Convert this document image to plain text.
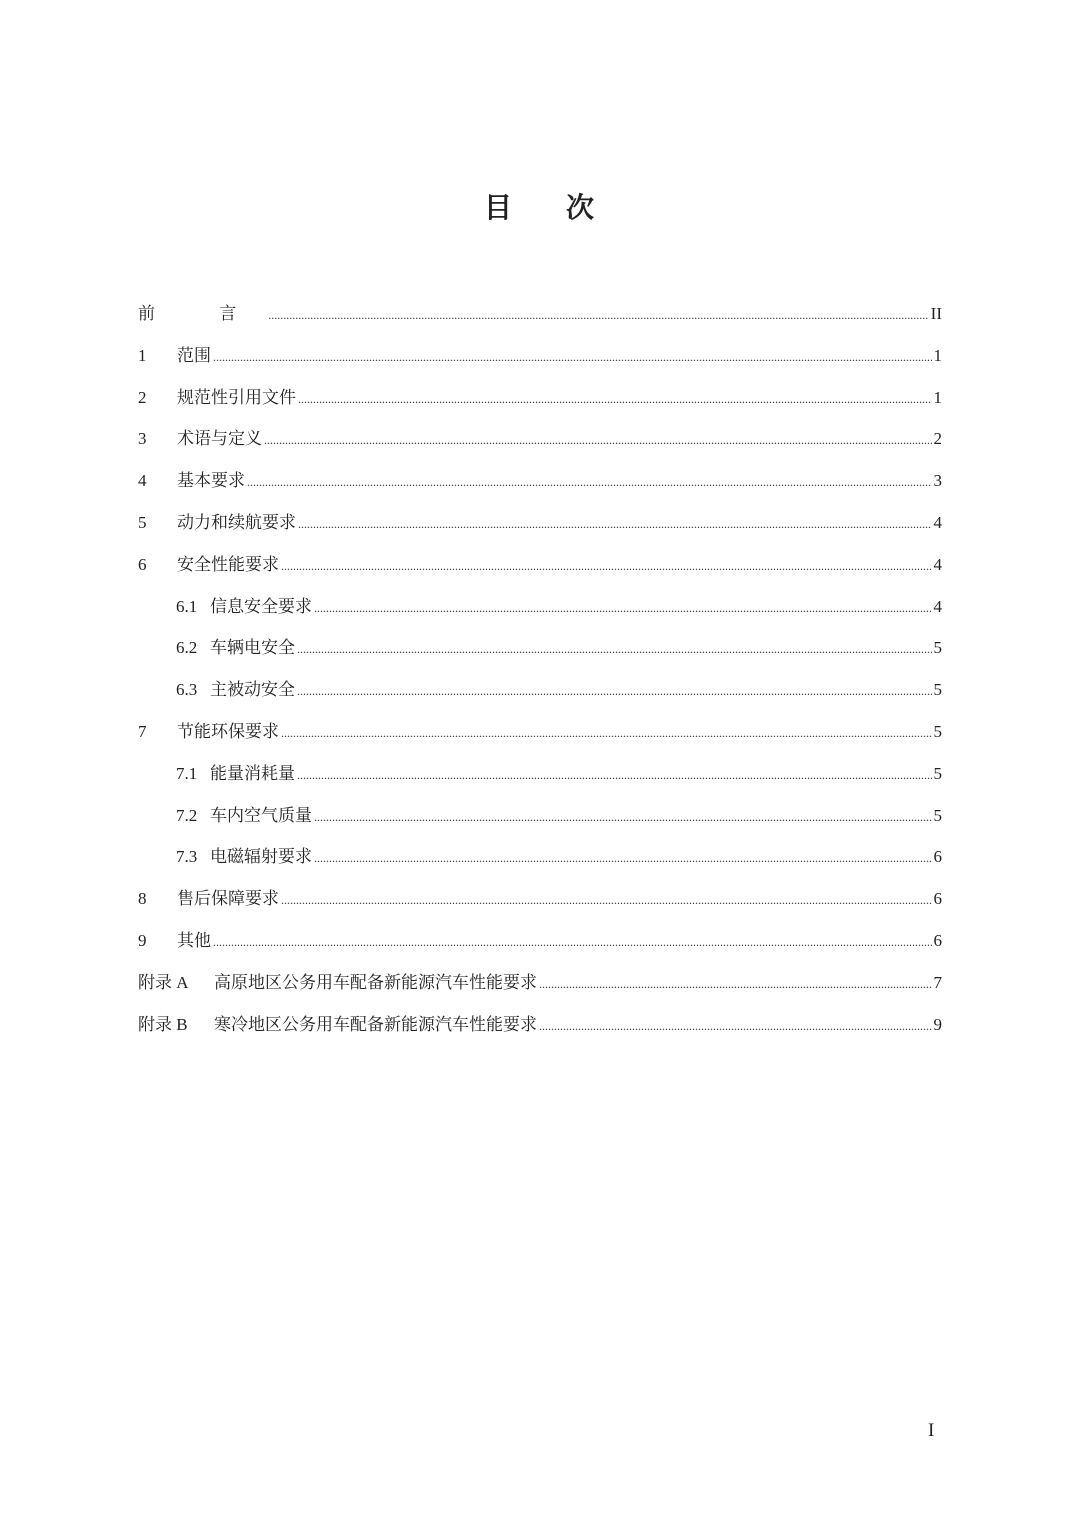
目 次
前 言 .....	II
1	范围 .....	1
2	规范性引用文件 .....	1
3	术语与定义 .....	2
4	基本要求 .....	3
5	动力和续航要求 .....	4
6	安全性能要求 .....	4
6.1 信息安全要求 .....	4
6.2 车辆电安全 .....	5
6.3 主被动安全 .....	5
7	节能环保要求 .....	5
7.1 能量消耗量 .....	5
7.2 车内空气质量 .....	5
7.3 电磁辐射要求 .....	6
8	售后保障要求 .....	6
9	其他 .....	6
附录 A	高原地区公务用车配备新能源汽车性能要求 .....	7
附录 B	寒冷地区公务用车配备新能源汽车性能要求 .....	9
I
